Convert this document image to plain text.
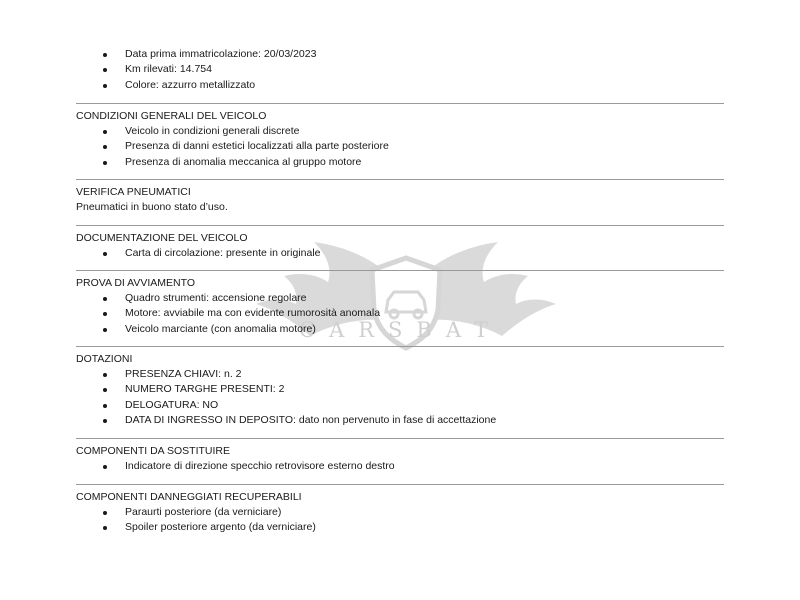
CARSBAT
Data prima immatricolazione: 20/03/2023
Km rilevati: 14.754
Colore: azzurro metallizzato
CONDIZIONI GENERALI DEL VEICOLO
Veicolo in condizioni generali discrete
Presenza di danni estetici localizzati alla parte posteriore
Presenza di anomalia meccanica al gruppo motore
VERIFICA PNEUMATICI
Pneumatici in buono stato d’uso.
DOCUMENTAZIONE DEL VEICOLO
Carta di circolazione: presente in originale
PROVA DI AVVIAMENTO
Quadro strumenti: accensione regolare
Motore: avviabile ma con evidente rumorosità anomala
Veicolo marciante (con anomalia motore)
DOTAZIONI
PRESENZA CHIAVI: n. 2
NUMERO TARGHE PRESENTI: 2
DELOGATURA: NO
DATA DI INGRESSO IN DEPOSITO: dato non pervenuto in fase di accettazione
COMPONENTI DA SOSTITUIRE
Indicatore di direzione specchio retrovisore esterno destro
COMPONENTI DANNEGGIATI RECUPERABILI
Paraurti posteriore (da verniciare)
Spoiler posteriore argento (da verniciare)
